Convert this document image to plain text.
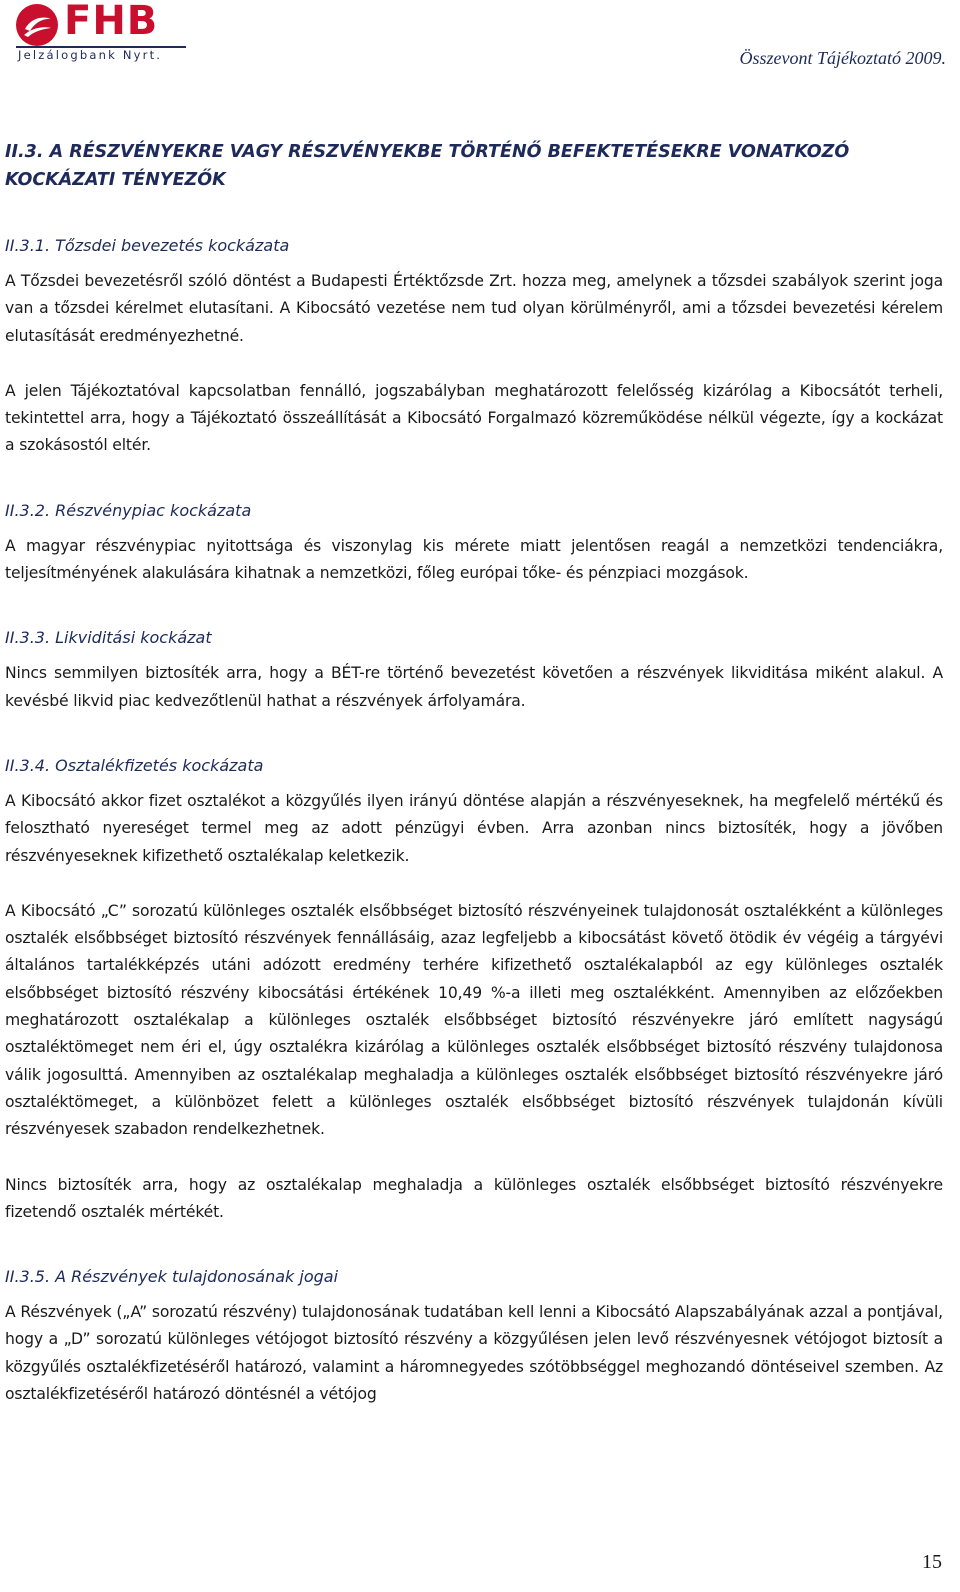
FHB
Jelzálogbank Nyrt.	Összevont Tájékoztató 2009.
II.3. A RÉSZVÉNYEKRE VAGY RÉSZVÉNYEKBE TÖRTÉNŐ BEFEKTETÉSEKRE VONATKOZÓ KOCKÁZATI TÉNYEZŐK
II.3.1. Tőzsdei bevezetés kockázata

A Tőzsdei bevezetésről szóló döntést a Budapesti Értéktőzsde Zrt. hozza meg, amelynek a tőzsdei szabályok szerint joga van a tőzsdei kérelmet elutasítani. A Kibocsátó vezetése nem tud olyan körülményről, ami a tőzsdei bevezetési kérelem elutasítását eredményezhetné.

A jelen Tájékoztatóval kapcsolatban fennálló, jogszabályban meghatározott felelősség kizárólag a Kibocsátót terheli, tekintettel arra, hogy a Tájékoztató összeállítását a Kibocsátó Forgalmazó közreműködése nélkül végezte, így a kockázat a szokásostól eltér.

II.3.2. Részvénypiac kockázata

A magyar részvénypiac nyitottsága és viszonylag kis mérete miatt jelentősen reagál a nemzetközi tendenciákra, teljesítményének alakulására kihatnak a nemzetközi, főleg európai tőke- és pénzpiaci mozgások.

II.3.3. Likviditási kockázat

Nincs semmilyen biztosíték arra, hogy a BÉT-re történő bevezetést követően a részvények likviditása miként alakul. A kevésbé likvid piac kedvezőtlenül hathat a részvények árfolyamára.

II.3.4. Osztalékfizetés kockázata

A Kibocsátó akkor fizet osztalékot a közgyűlés ilyen irányú döntése alapján a részvényeseknek, ha megfelelő mértékű és felosztható nyereséget termel meg az adott pénzügyi évben. Arra azonban nincs biztosíték, hogy a jövőben részvényeseknek kifizethető osztalékalap keletkezik.

A Kibocsátó „C” sorozatú különleges osztalék elsőbbséget biztosító részvényeinek tulajdonosát osztalékként a különleges osztalék elsőbbséget biztosító részvények fennállásáig, azaz legfeljebb a kibocsátást követő ötödik év végéig a tárgyévi általános tartalékképzés utáni adózott eredmény terhére kifizethető osztalékalapból az egy különleges osztalék elsőbbséget biztosító részvény kibocsátási értékének 10,49 %-a illeti meg osztalékként. Amennyiben az előzőekben meghatározott osztalékalap a különleges osztalék elsőbbséget biztosító részvényekre járó említett nagyságú osztaléktömeget nem éri el, úgy osztalékra kizárólag a különleges osztalék elsőbbséget biztosító részvény tulajdonosa válik jogosulttá. Amennyiben az osztalékalap meghaladja a különleges osztalék elsőbbséget biztosító részvényekre járó osztaléktömeget, a különbözet felett a különleges osztalék elsőbbséget biztosító részvények tulajdonán kívüli részvényesek szabadon rendelkezhetnek.

Nincs biztosíték arra, hogy az osztalékalap meghaladja a különleges osztalék elsőbbséget biztosító részvényekre fizetendő osztalék mértékét.

II.3.5. A Részvények tulajdonosának jogai

A Részvények („A” sorozatú részvény) tulajdonosának tudatában kell lenni a Kibocsátó Alapszabályának azzal a pontjával, hogy a „D” sorozatú különleges vétójogot biztosító részvény a közgyűlésen jelen levő részvényesnek vétójogot biztosít a közgyűlés osztalékfizetéséről határozó, valamint a háromnegyedes szótöbbséggel meghozandó döntéseivel szemben. Az osztalékfizetéséről határozó döntésnél a vétójog

15
